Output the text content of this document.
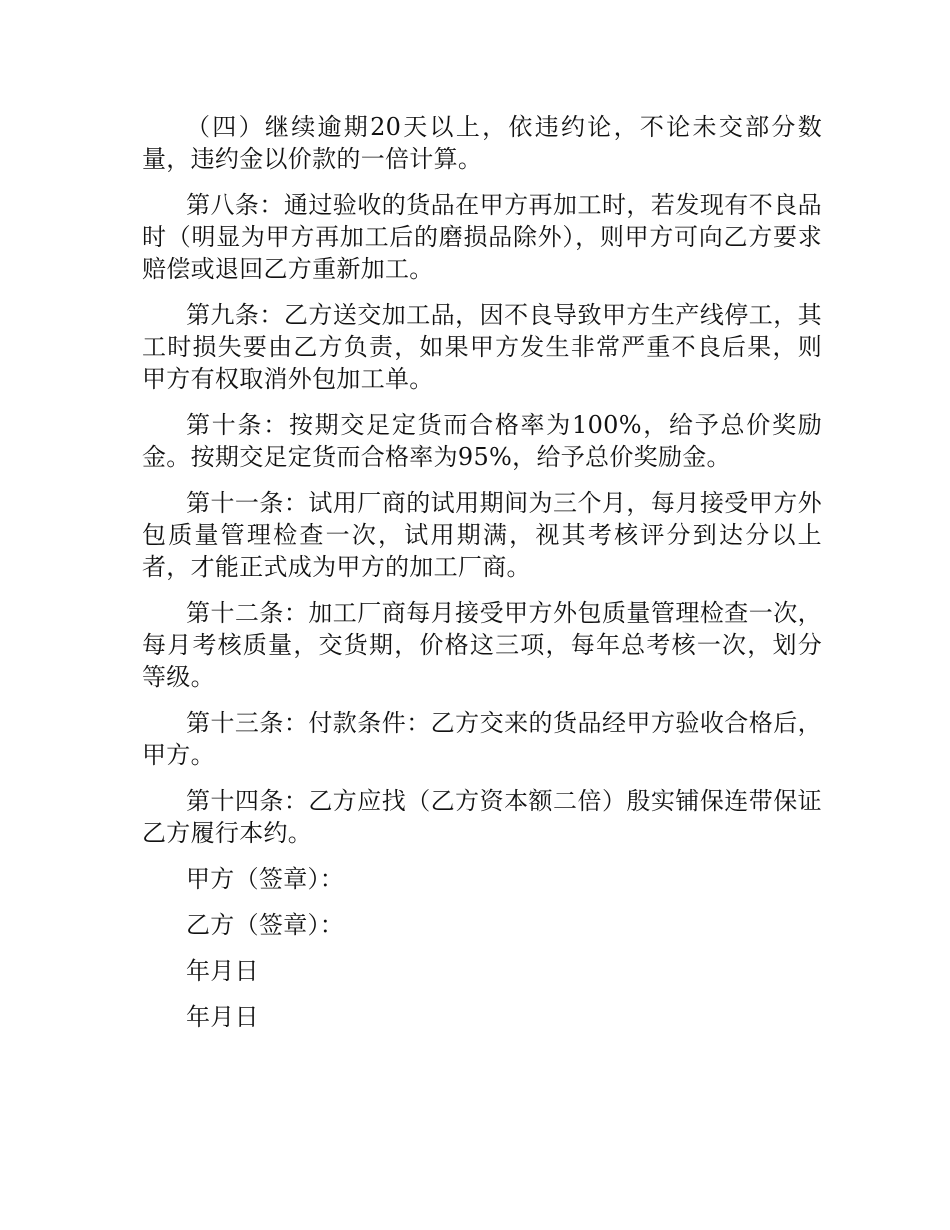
（四）继续逾期20天以上，依违约论，不论未交部分数量，违约金以价款的一倍计算。

第八条：通过验收的货品在甲方再加工时，若发现有不良品时（明显为甲方再加工后的磨损品除外），则甲方可向乙方要求赔偿或退回乙方重新加工。

第九条：乙方送交加工品，因不良导致甲方生产线停工，其工时损失要由乙方负责，如果甲方发生非常严重不良后果，则甲方有权取消外包加工单。

第十条：按期交足定货而合格率为100%，给予总价奖励金。按期交足定货而合格率为95%，给予总价奖励金。

第十一条：试用厂商的试用期间为三个月，每月接受甲方外包质量管理检查一次，试用期满，视其考核评分到达分以上者，才能正式成为甲方的加工厂商。

第十二条：加工厂商每月接受甲方外包质量管理检查一次，每月考核质量，交货期，价格这三项，每年总考核一次，划分等级。

第十三条：付款条件：乙方交来的货品经甲方验收合格后，甲方。

第十四条：乙方应找（乙方资本额二倍）殷实铺保连带保证乙方履行本约。

甲方（签章）：
乙方（签章）：
年月日
年月日
